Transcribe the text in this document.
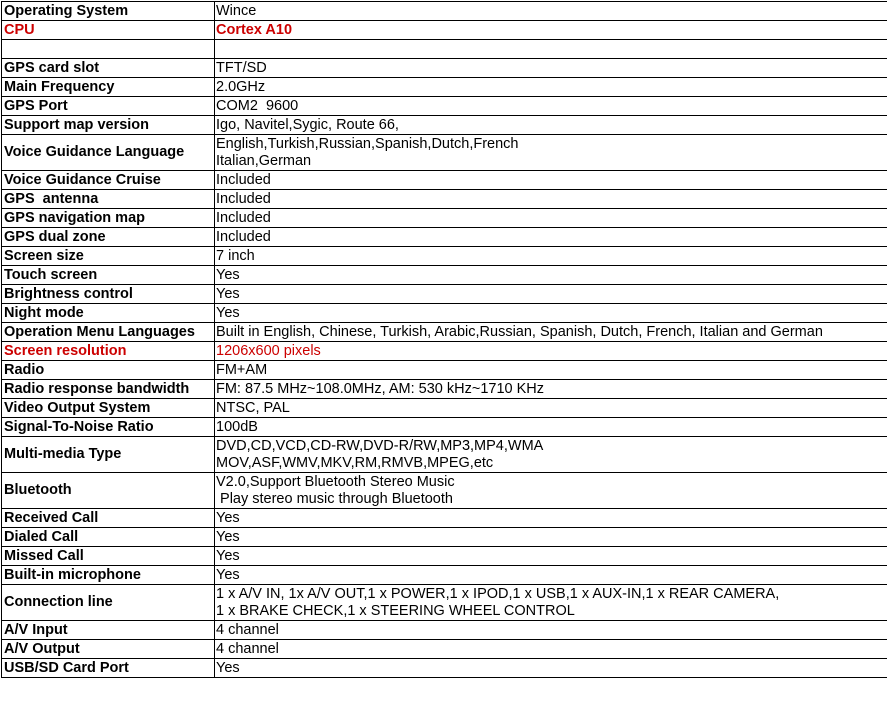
Operating System	Wince

CPU	Cortex A10

GPS card slot	TFT/SD

Main Frequency	2.0GHz

GPS Port	COM2  9600

Support map version	Igo, Navitel,Sygic, Route 66,

Voice Guidance Language	English,Turkish,Russian,Spanish,Dutch,French
Italian,German

Voice Guidance Cruise	Included

GPS  antenna	Included

GPS navigation map	Included

GPS dual zone	Included

Screen size	7 inch

Touch screen	Yes

Brightness control	Yes

Night mode	Yes

Operation Menu Languages	Built in English, Chinese, Turkish, Arabic,Russian, Spanish, Dutch, French, Italian and German

Screen resolution	1206x600 pixels

Radio	FM+AM

Radio response bandwidth	FM: 87.5 MHz~108.0MHz, AM: 530 kHz~1710 KHz

Video Output System	NTSC, PAL

Signal-To-Noise Ratio	100dB

Multi-media Type	DVD,CD,VCD,CD-RW,DVD-R/RW,MP3,MP4,WMA
MOV,ASF,WMV,MKV,RM,RMVB,MPEG,etc

Bluetooth	V2.0,Support Bluetooth Stereo Music
Play stereo music through Bluetooth

Received Call	Yes

Dialed Call	Yes

Missed Call	Yes

Built-in microphone	Yes

Connection line	1 x A/V IN, 1x A/V OUT,1 x POWER,1 x IPOD,1 x USB,1 x AUX-IN,1 x REAR CAMERA,
1 x BRAKE CHECK,1 x STEERING WHEEL CONTROL

A/V Input	4 channel

A/V Output	4 channel

USB/SD Card Port	Yes
